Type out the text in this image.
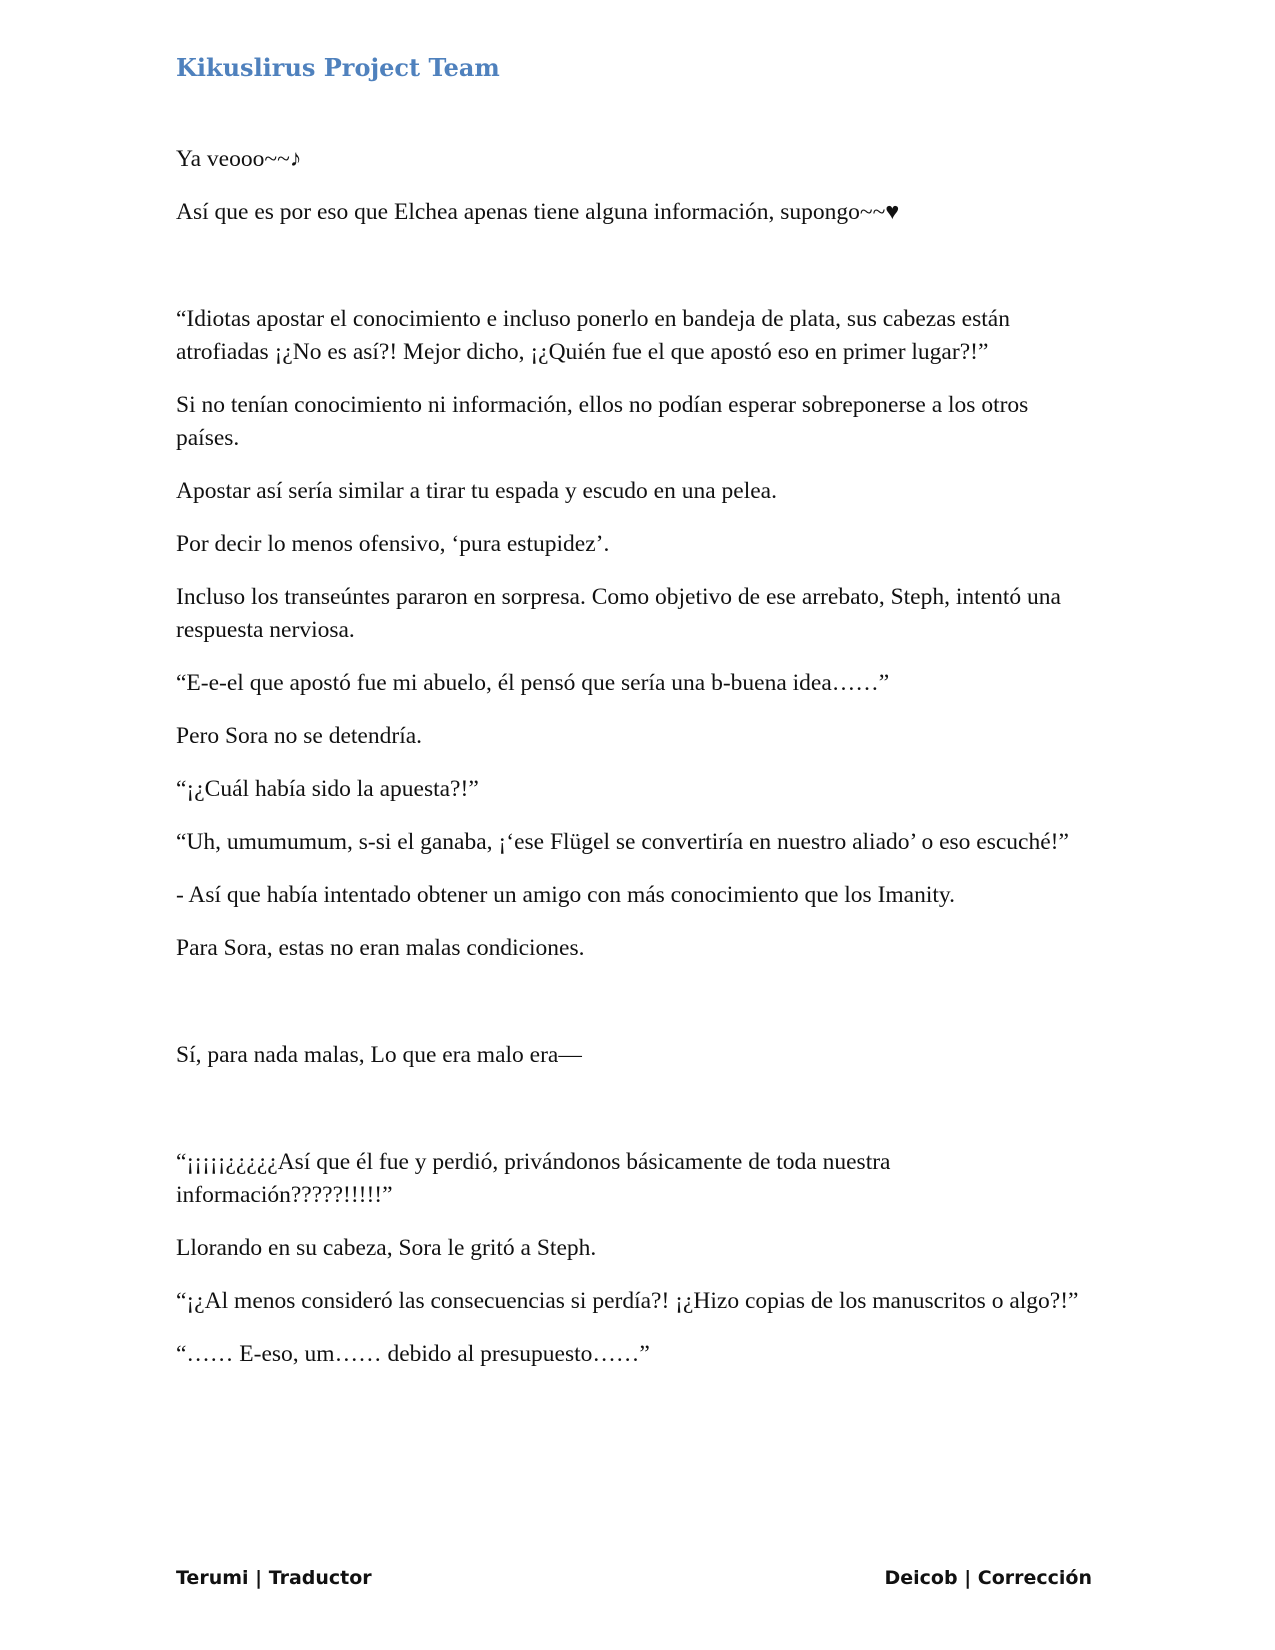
Kikuslirus Project Team

Ya veooo~~♪

Así que es por eso que Elchea apenas tiene alguna información, supongo~~♥

“Idiotas apostar el conocimiento e incluso ponerlo en bandeja de plata, sus cabezas están atrofiadas ¡¿No es así?! Mejor dicho, ¡¿Quién fue el que apostó eso en primer lugar?!”

Si no tenían conocimiento ni información, ellos no podían esperar sobreponerse a los otros países.

Apostar así sería similar a tirar tu espada y escudo en una pelea.

Por decir lo menos ofensivo, ‘pura estupidez’.

Incluso los transeúntes pararon en sorpresa. Como objetivo de ese arrebato, Steph, intentó una respuesta nerviosa.

“E-e-el que apostó fue mi abuelo, él pensó que sería una b-buena idea……”

Pero Sora no se detendría.

“¡¿Cuál había sido la apuesta?!”

“Uh, umumumum, s-si el ganaba, ¡‘ese Flügel se convertiría en nuestro aliado’ o eso escuché!”

- Así que había intentado obtener un amigo con más conocimiento que los Imanity.

Para Sora, estas no eran malas condiciones.

Sí, para nada malas, Lo que era malo era—

“¡¡¡¡¡¿¿¿¿¿Así que él fue y perdió, privándonos básicamente de toda nuestra información?????!!!!!”

Llorando en su cabeza, Sora le gritó a Steph.

“¡¿Al menos consideró las consecuencias si perdía?! ¡¿Hizo copias de los manuscritos o algo?!”

“…… E-eso, um…… debido al presupuesto……”

Terumi | Traductor	Deicob | Corrección
